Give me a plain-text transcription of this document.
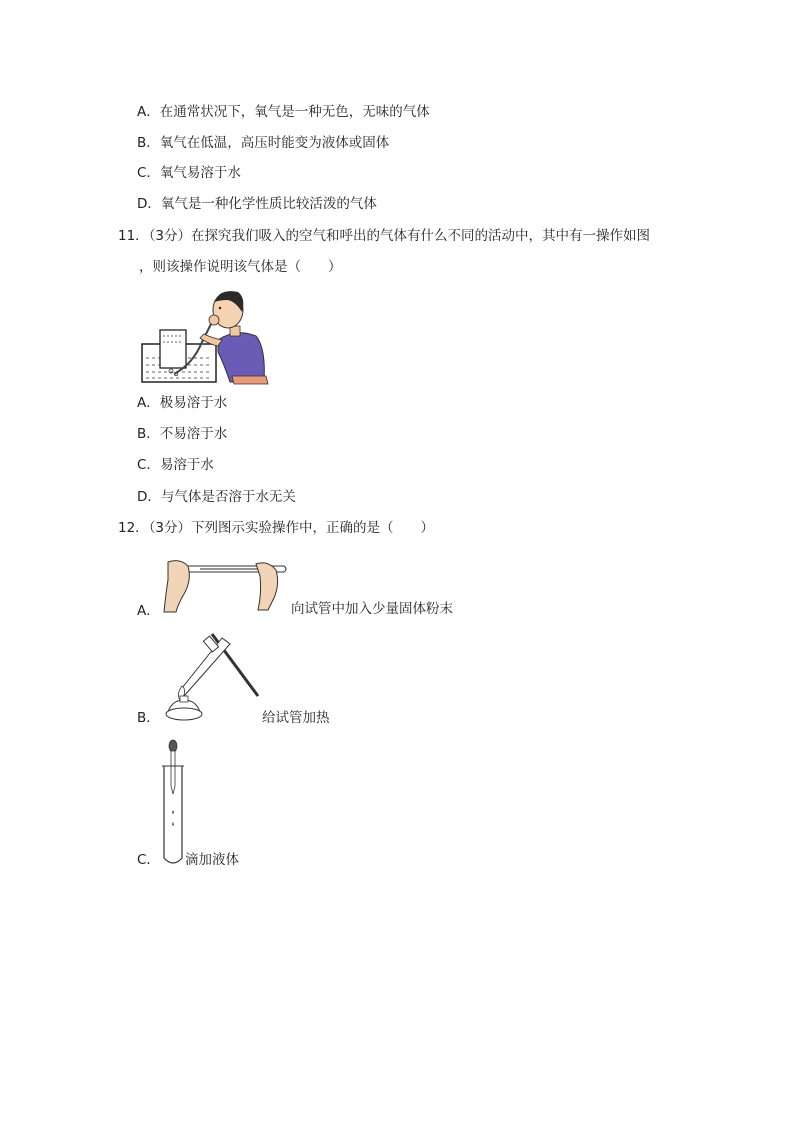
A．在通常状况下，氧气是一种无色，无味的气体
B．氧气在低温，高压时能变为液体或固体
C．氧气易溶于水
D．氧气是一种化学性质比较活泼的气体
11．（3分）在探究我们吸入的空气和呼出的气体有什么不同的活动中，其中有一操作如图
，则该操作说明该气体是（　　）
A．极易溶于水
B．不易溶于水
C．易溶于水
D．与气体是否溶于水无关
12．（3分）下列图示实验操作中，正确的是（　　）
A．	向试管中加入少量固体粉末
B．	给试管加热
C． 滴加液体
